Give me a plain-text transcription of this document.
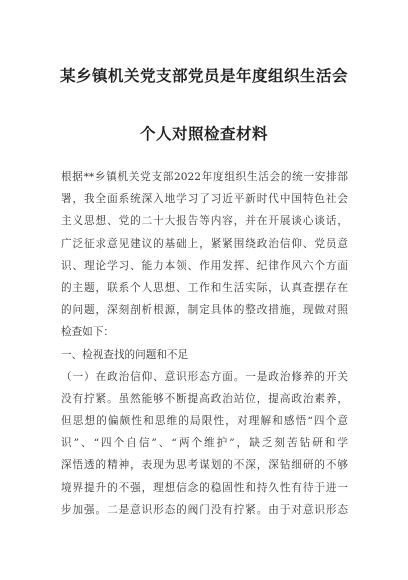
某乡镇机关党支部党员是年度组织生活会
个人对照检查材料
根据**乡镇机关党支部2022年度组织生活会的统一安排部
署，我全面系统深入地学习了习近平新时代中国特色社会
主义思想、党的二十大报告等内容，并在开展谈心谈话，
广泛征求意见建议的基础上，紧紧围绕政治信仰、党员意
识、理论学习、能力本领、作用发挥、纪律作风六个方面
的主题，联系个人思想、工作和生活实际，认真查摆存在
的问题，深刻剖析根源，制定具体的整改措施，现做对照
检查如下：
一、检视查找的问题和不足
（一）在政治信仰、意识形态方面。一是政治修养的开关
没有拧紧。虽然能够不断提高政治站位，提高政治素养，
但思想的偏颇性和思维的局限性，对理解和感悟“四个意
识”、“四个自信”、“两个维护”，缺乏刻苦钻研和学
深悟透的精神，表现为思考谋划的不深，深钻细研的不够
境界提升的不强，理想信念的稳固性和持久性有待于进一
步加强。二是意识形态的阀门没有拧紧。由于对意识形态
